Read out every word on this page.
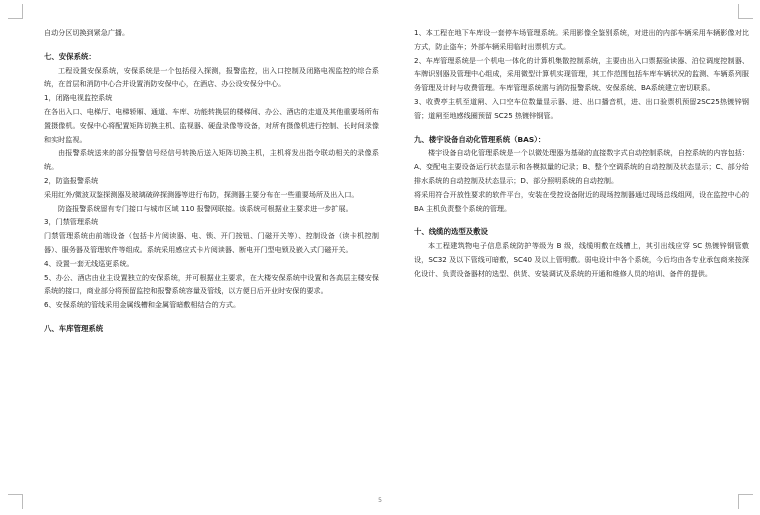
自动分区切换到紧急广播。

七、安保系统：

工程设置安保系统，安保系统是一个包括侵入探测，报警监控，出入口控制及闭路电视监控的综合系统，在首层和消防中心合并设置消防安保中心，在酒店、办公设安保分中心。

1，闭路电视监控系统

在各出入口、电梯厅、电梯轿厢、通道、车库、功能转换层的楼梯间、办公、酒店的走道及其他重要场所布置摄像机。安保中心将配置矩阵切换主机、监视器、硬盘录像等设备，对所有摄像机进行控制、长时间录像和实时监视。

由报警系统送来的部分报警信号经信号转换后送入矩阵切换主机，主机将发出指令联动相关的录像系统。

2，防盗报警系统

采用红外/微波双鉴探测器及玻璃破碎探测器等进行布防，探测器主要分布在一些重要场所及出入口。

防盗报警系统留有专门接口与城市区域 110 报警网联接。该系统可根据业主要求进一步扩展。

3，门禁管理系统

门禁管理系统由前端设备（包括卡片阅读器、电、锁、开门按钮、门磁开关等）、控制设备（读卡机控制器）、服务器及管理软件等组成。系统采用感应式卡片阅读器、断电开门型电锁及嵌入式门磁开关。

4、设置一套无线巡更系统。

5、办公、酒店由业主设置独立的安保系统，并可根据业主要求，在大楼安保系统中设置和各高层主楼安保系统的接口，商业部分将预留监控和报警系统容量及管线，以方便日后开业时安保的要求。

6、安保系统的管线采用金属线槽和金属管暗敷相结合的方式。

八、车库管理系统

1、本工程在地下车库设一套停车场管理系统。采用影像全鉴别系统，对进出的内部车辆采用车辆影像对比方式，防止盗车；外部车辆采用临时出票机方式。

2、车库管理系统是一个机电一体化的计算机集散控制系统，主要由出入口票据验读器、泊位调度控制器、车牌识别器及管理中心组成，采用微型计算机实现管理，其工作范围包括车库车辆状况的监测、车辆系列服务管理及计时与收费管理。车库管理系统需与消防报警系统、安保系统、BA系统建立密切联系。

3、收费亭主机至道闸、入口空车位数量显示器、进、出口播音机，进、出口验票机预留2SC25热镀锌钢管；道闸至地感线圈预留 SC25 热镀锌钢管。

九、楼宇设备自动化管理系统（BAS）：

楼宇设备自动化管理系统是一个以微处理器为基础的直接数字式自动控制系统，自控系统的内容包括：A、变配电主要设备运行状态显示和各模拟量的记录；B、整个空调系统的自动控制及状态显示；C、部分给排水系统的自动控制及状态显示；D、部分照明系统的自动控制。

将采用符合开放性要求的软件平台，安装在受控设备附近的现场控制器通过现场总线组网，设在监控中心的 BA 主机负责整个系统的管理。

十、线缆的选型及敷设

本工程建筑物电子信息系统防护等级为 B 级，线缆明敷在线槽上，其引出线应穿 SC 热镀锌钢管敷设，SC32 及以下管线可暗敷，SC40 及以上管明敷。弱电设计中各个系统，今后均由各专业承包商来按深化设计、负责设备器材的选型、供货、安装调试及系统的开通和维修人员的培训、备件的提供。

5
